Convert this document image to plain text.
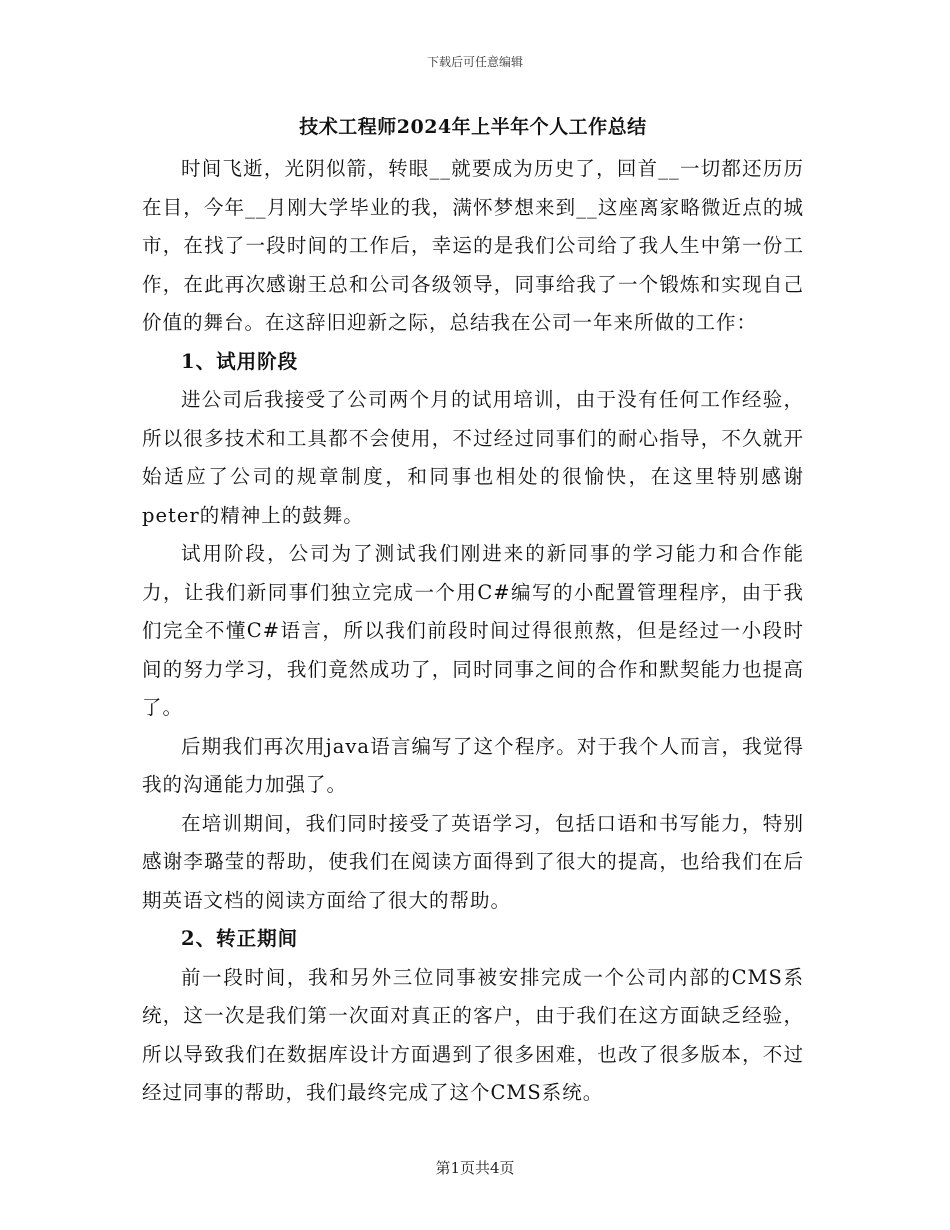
下载后可任意编辑
技术工程师2024年上半年个人工作总结

时间飞逝，光阴似箭，转眼__就要成为历史了，回首__一切都还历历在目，今年__月刚大学毕业的我，满怀梦想来到__这座离家略微近点的城市，在找了一段时间的工作后，幸运的是我们公司给了我人生中第一份工作，在此再次感谢王总和公司各级领导，同事给我了一个锻炼和实现自己价值的舞台。在这辞旧迎新之际，总结我在公司一年来所做的工作：

1、试用阶段

进公司后我接受了公司两个月的试用培训，由于没有任何工作经验，所以很多技术和工具都不会使用，不过经过同事们的耐心指导，不久就开始适应了公司的规章制度，和同事也相处的很愉快，在这里特别感谢peter的精神上的鼓舞。

试用阶段，公司为了测试我们刚进来的新同事的学习能力和合作能力，让我们新同事们独立完成一个用C#编写的小配置管理程序，由于我们完全不懂C#语言，所以我们前段时间过得很煎熬，但是经过一小段时间的努力学习，我们竟然成功了，同时同事之间的合作和默契能力也提高了。

后期我们再次用java语言编写了这个程序。对于我个人而言，我觉得我的沟通能力加强了。

在培训期间，我们同时接受了英语学习，包括口语和书写能力，特别感谢李璐莹的帮助，使我们在阅读方面得到了很大的提高，也给我们在后期英语文档的阅读方面给了很大的帮助。

2、转正期间

前一段时间，我和另外三位同事被安排完成一个公司内部的CMS系统，这一次是我们第一次面对真正的客户，由于我们在这方面缺乏经验，所以导致我们在数据库设计方面遇到了很多困难，也改了很多版本，不过经过同事的帮助，我们最终完成了这个CMS系统。

第1页共4页
